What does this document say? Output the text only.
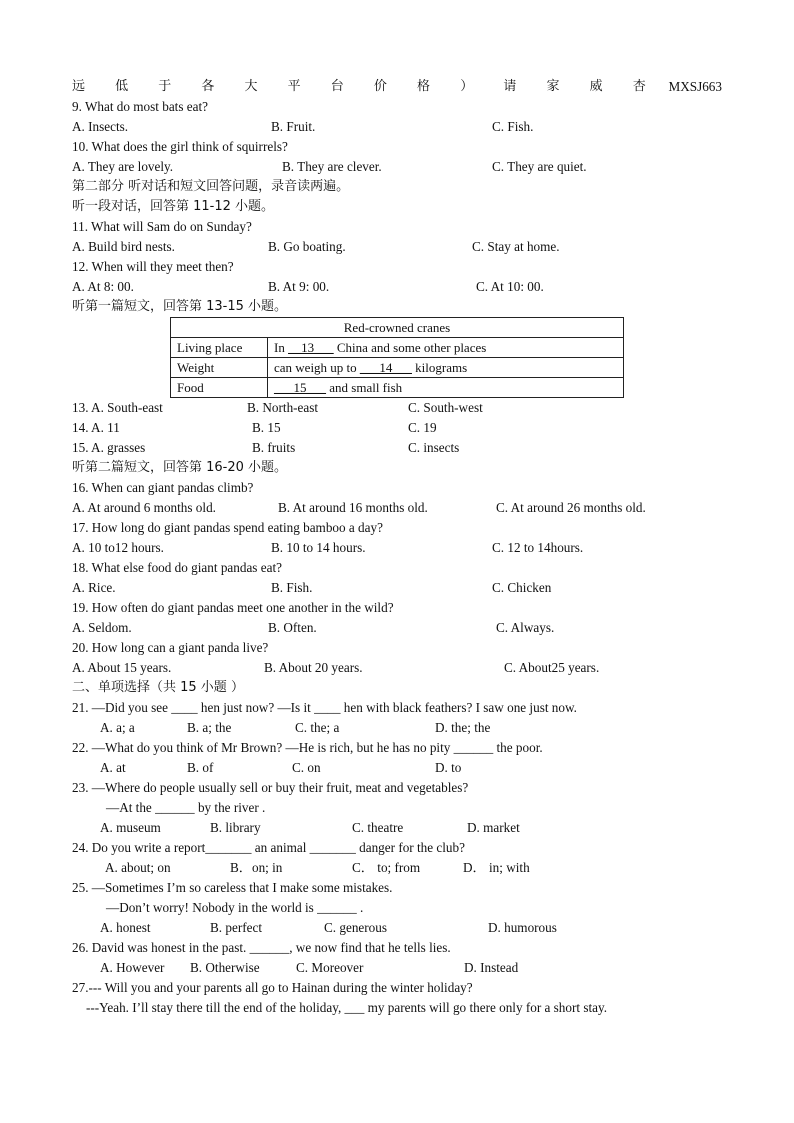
远 低 于 各 大 平 台 价 格 ） 请 家 威 杏 MXSJ663
9. What do most bats eat?
A. Insects.	B. Fruit.	C. Fish.
10. What does the girl think of squirrels?
A. They are lovely.	B. They are clever.	C. They are quiet.
第二部分 听对话和短文回答问题，录音读两遍。
听一段对话，回答第 11-12 小题。
11. What will Sam do on Sunday?
A. Build bird nests.	B. Go boating.	C. Stay at home.
12. When will they meet then?
A. At 8: 00.	B. At 9: 00.	C. At 10: 00.
听第一篇短文，回答第 13-15 小题。
Red-crowned cranes	
Living place	In __13___ China and some other places
Weight	can weigh up to ___14___ kilograms
Food	___15___ and small fish
13. A. South-east	B. North-east	C. South-west
14. A. 11	B. 15	C. 19
15. A. grasses	B. fruits	C. insects
听第二篇短文，回答第 16-20 小题。
16. When can giant pandas climb?
A. At around 6 months old.	B. At around 16 months old.	C. At around 26 months old.
17. How long do giant pandas spend eating bamboo a day?
A. 10 to12 hours.	B. 10 to 14 hours.	C. 12 to 14hours.
18. What else food do giant pandas eat?
A. Rice.	B. Fish.	C. Chicken
19. How often do giant pandas meet one another in the wild?
A. Seldom.	B. Often.	C. Always.
20. How long can a giant panda live?
A. About 15 years.	B. About 20 years.	C. About25 years.
二、单项选择（共 15 小题 ）
21. —Did you see ____ hen just now? —Is it ____ hen with black feathers? I saw one just now.
A. a; a	B. a; the	C. the; a	D. the; the
22. —What do you think of Mr Brown? —He is rich, but he has no pity ______ the poor.
A. at	B. of	C. on	D. to
23. —Where do people usually sell or buy their fruit, meat and vegetables?
—At the ______ by the river .
A. museum	B. library	C. theatre	D. market
24. Do you write a report_______ an animal _______ danger for the club?
A. about; on	B．on; in	C． to; from	D． in; with
25. —Sometimes I’m so careless that I make some mistakes.
—Don’t worry! Nobody in the world is ______ .
A. honest	B. perfect	C. generous	D. humorous
26. David was honest in the past. ______, we now find that he tells lies.
A. However B. Otherwise	C. Moreover	D. Instead
27.--- Will you and your parents all go to Hainan during the winter holiday?
---Yeah. I’ll stay there till the end of the holiday, ___ my parents will go there only for a short stay.
